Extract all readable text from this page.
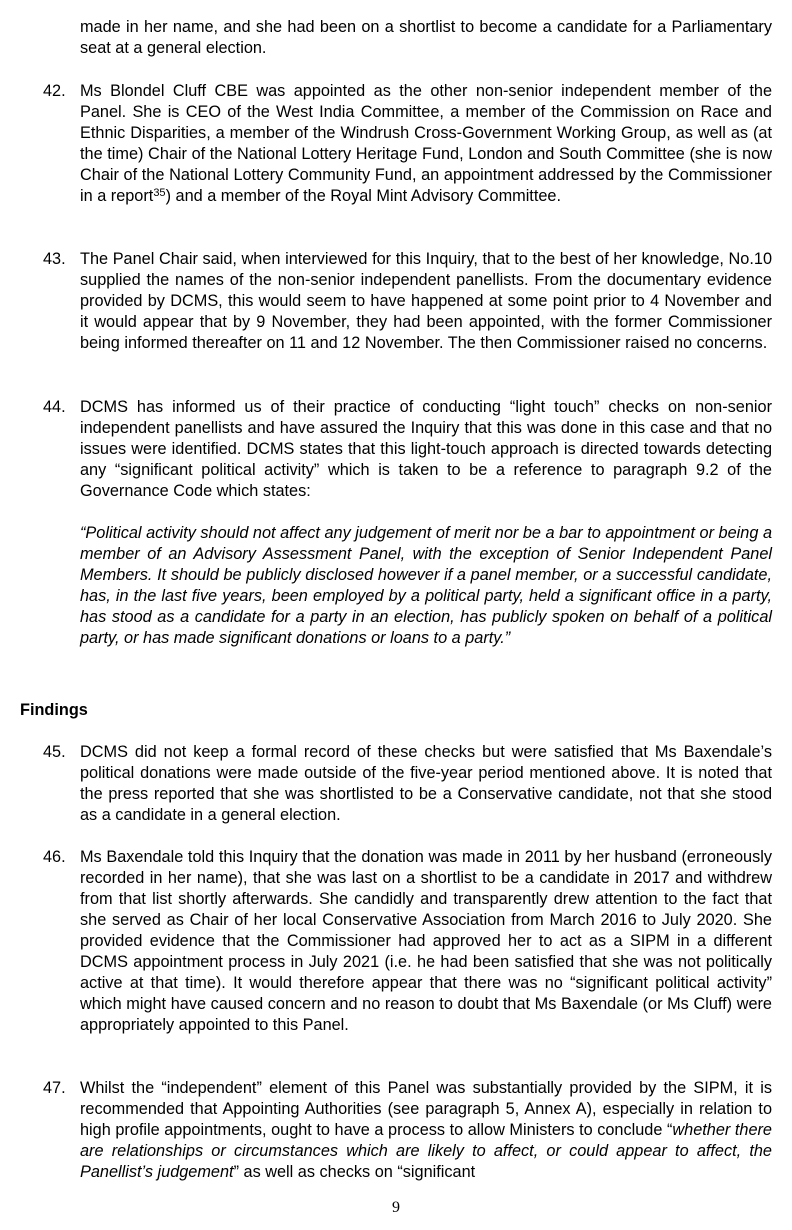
made in her name, and she had been on a shortlist to become a candidate for a Parliamentary seat at a general election.

42. Ms Blondel Cluff CBE was appointed as the other non-senior independent member of the Panel. She is CEO of the West India Committee, a member of the Commission on Race and Ethnic Disparities, a member of the Windrush Cross-Government Working Group, as well as (at the time) Chair of the National Lottery Heritage Fund, London and South Committee (she is now Chair of the National Lottery Community Fund, an appointment addressed by the Commissioner in a report$^{35}$) and a member of the Royal Mint Advisory Committee.

43. The Panel Chair said, when interviewed for this Inquiry, that to the best of her knowledge, No.10 supplied the names of the non-senior independent panellists. From the documentary evidence provided by DCMS, this would seem to have happened at some point prior to 4 November and it would appear that by 9 November, they had been appointed, with the former Commissioner being informed thereafter on 11 and 12 November. The then Commissioner raised no concerns.

44. DCMS has informed us of their practice of conducting “light touch” checks on non-senior independent panellists and have assured the Inquiry that this was done in this case and that no issues were identified. DCMS states that this light-touch approach is directed towards detecting any “significant political activity” which is taken to be a reference to paragraph 9.2 of the Governance Code which states:

“Political activity should not affect any judgement of merit nor be a bar to appointment or being a member of an Advisory Assessment Panel, with the exception of Senior Independent Panel Members. It should be publicly disclosed however if a panel member, or a successful candidate, has, in the last five years, been employed by a political party, held a significant office in a party, has stood as a candidate for a party in an election, has publicly spoken on behalf of a political party, or has made significant donations or loans to a party.”

Findings

45. DCMS did not keep a formal record of these checks but were satisfied that Ms Baxendale’s political donations were made outside of the five-year period mentioned above. It is noted that the press reported that she was shortlisted to be a Conservative candidate, not that she stood as a candidate in a general election.

46. Ms Baxendale told this Inquiry that the donation was made in 2011 by her husband (erroneously recorded in her name), that she was last on a shortlist to be a candidate in 2017 and withdrew from that list shortly afterwards. She candidly and transparently drew attention to the fact that she served as Chair of her local Conservative Association from March 2016 to July 2020. She provided evidence that the Commissioner had approved her to act as a SIPM in a different DCMS appointment process in July 2021 (i.e. he had been satisfied that she was not politically active at that time). It would therefore appear that there was no “significant political activity” which might have caused concern and no reason to doubt that Ms Baxendale (or Ms Cluff) were appropriately appointed to this Panel.

47. Whilst the “independent” element of this Panel was substantially provided by the SIPM, it is recommended that Appointing Authorities (see paragraph 5, Annex A), especially in relation to high profile appointments, ought to have a process to allow Ministers to conclude “whether there are relationships or circumstances which are likely to affect, or could appear to affect, the Panellist’s judgement” as well as checks on “significant

9
